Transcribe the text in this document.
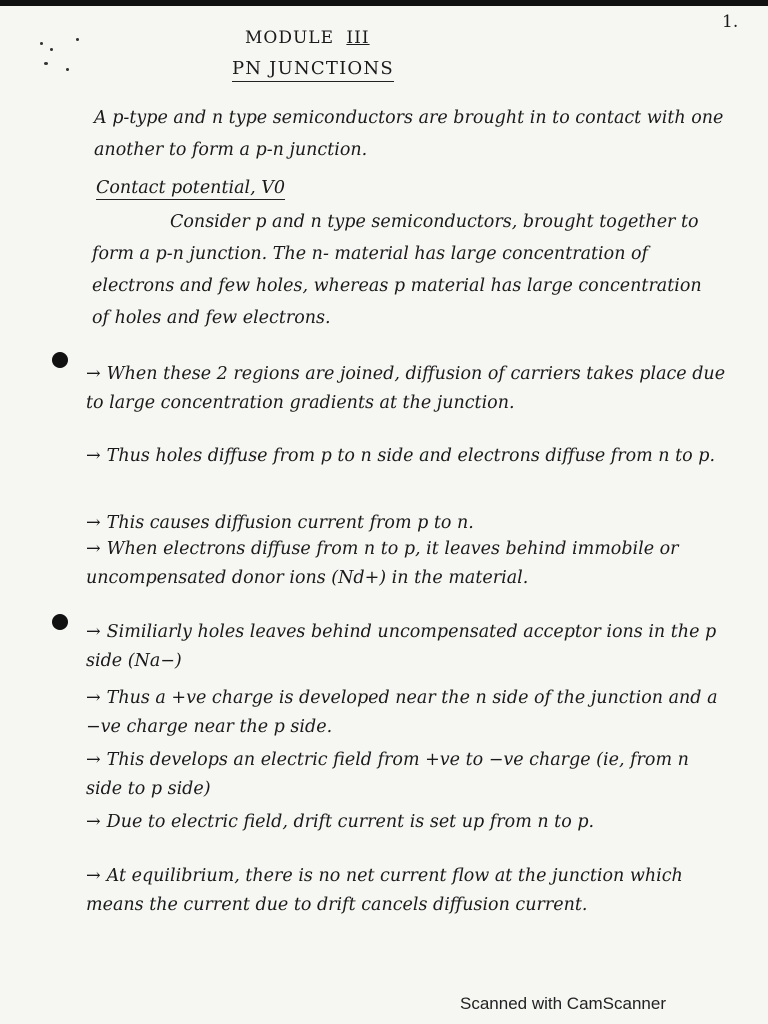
1.
MODULE III
PN JUNCTIONS
A p-type and n type semiconductors are brought in to contact with one another to form a p-n junction.
Contact potential, V0
Consider p and n type semiconductors, brought together to form a p-n junction. The n- material has large concentration of electrons and few holes, whereas p material has large concentration of holes and few electrons.
→ When these 2 regions are joined, diffusion of carriers takes place due to large concentration gradients at the junction.
→ Thus holes diffuse from p to n side and electrons diffuse from n to p.
→ This causes diffusion current from p to n.
→ When electrons diffuse from n to p, it leaves behind immobile or uncompensated donor ions (Nd+) in the material.
→ Similiarly holes leaves behind uncompensated acceptor ions in the p side (Na−)
→ Thus a +ve charge is developed near the n side of the junction and a −ve charge near the p side.
→ This develops an electric field from +ve to −ve charge (ie, from n side to p side)
→ Due to electric field, drift current is set up from n to p.
→ At equilibrium, there is no net current flow at the junction which means the current due to drift cancels diffusion current.
Scanned with CamScanner
